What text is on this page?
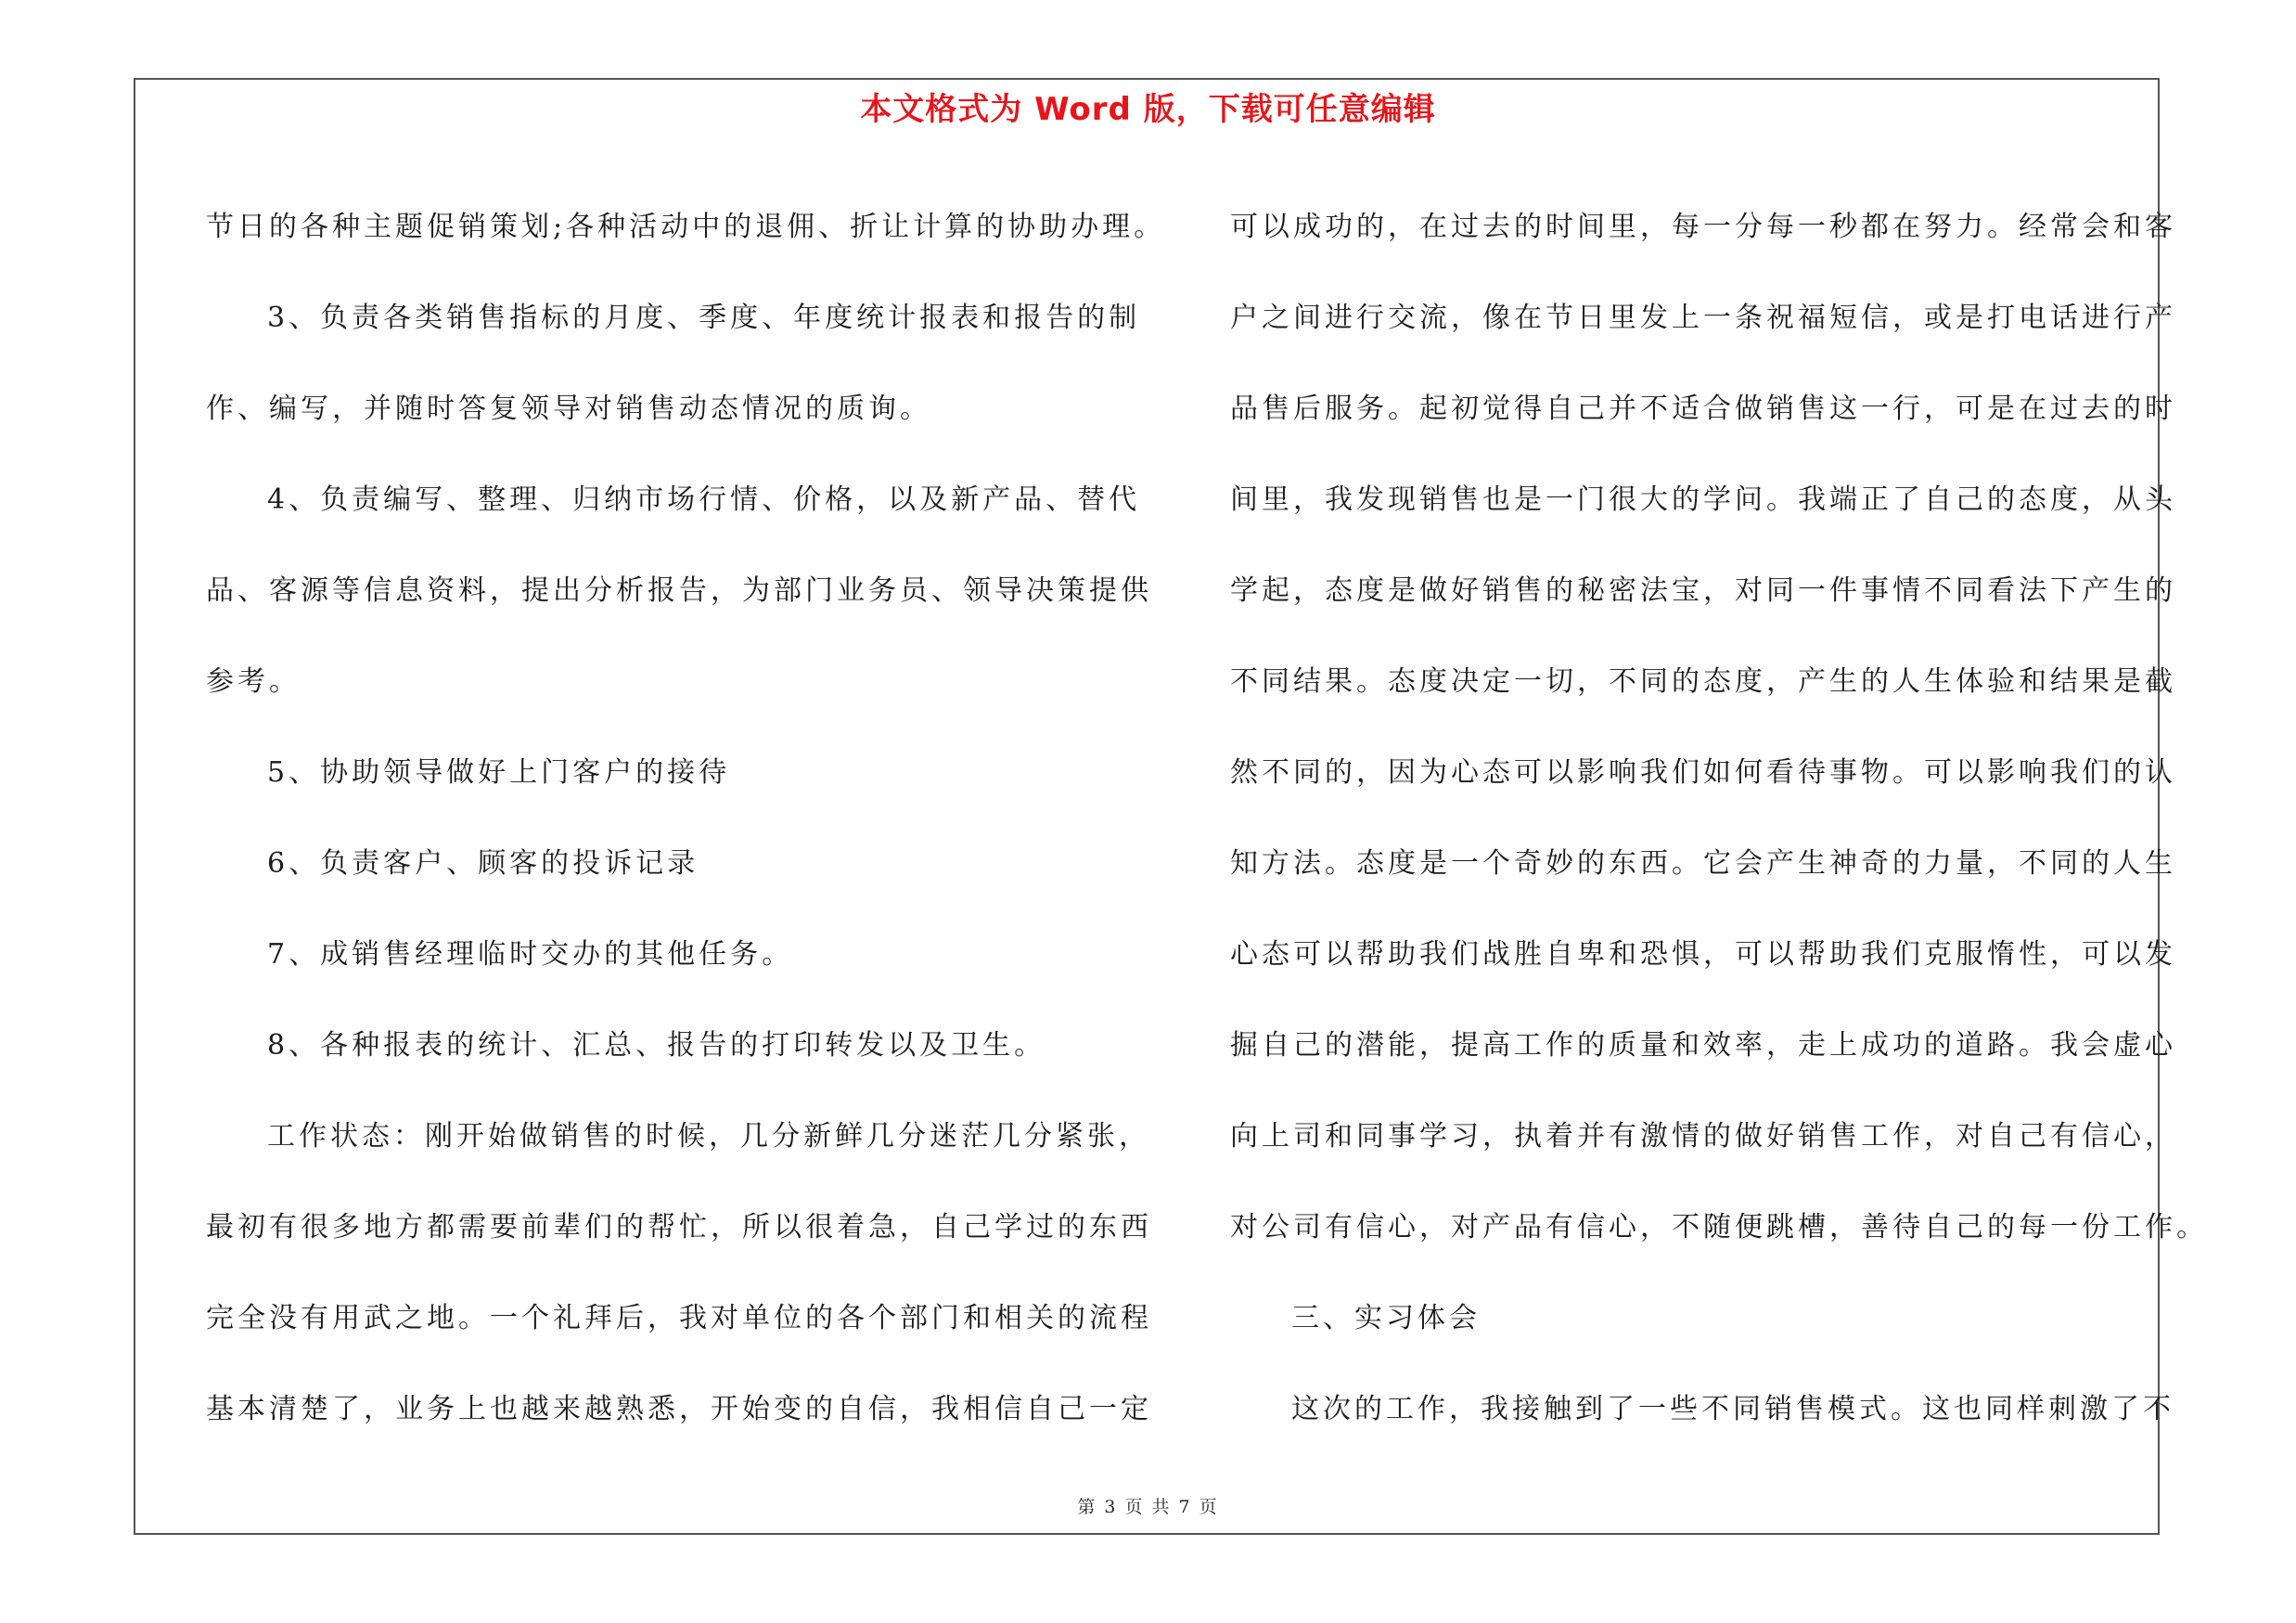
本文格式为 Word 版，下载可任意编辑
节日的各种主题促销策划;各种活动中的退佣、折让计算的协助办理。
3、负责各类销售指标的月度、季度、年度统计报表和报告的制
作、编写，并随时答复领导对销售动态情况的质询。
4、负责编写、整理、归纳市场行情、价格，以及新产品、替代
品、客源等信息资料，提出分析报告，为部门业务员、领导决策提供
参考。
5、协助领导做好上门客户的接待
6、负责客户、顾客的投诉记录
7、成销售经理临时交办的其他任务。
8、各种报表的统计、汇总、报告的打印转发以及卫生。
工作状态：刚开始做销售的时候，几分新鲜几分迷茫几分紧张，
最初有很多地方都需要前辈们的帮忙，所以很着急，自己学过的东西
完全没有用武之地。一个礼拜后，我对单位的各个部门和相关的流程
基本清楚了，业务上也越来越熟悉，开始变的自信，我相信自己一定
可以成功的，在过去的时间里，每一分每一秒都在努力。经常会和客
户之间进行交流，像在节日里发上一条祝福短信，或是打电话进行产
品售后服务。起初觉得自己并不适合做销售这一行，可是在过去的时
间里，我发现销售也是一门很大的学问。我端正了自己的态度，从头
学起，态度是做好销售的秘密法宝，对同一件事情不同看法下产生的
不同结果。态度决定一切，不同的态度，产生的人生体验和结果是截
然不同的，因为心态可以影响我们如何看待事物。可以影响我们的认
知方法。态度是一个奇妙的东西。它会产生神奇的力量，不同的人生
心态可以帮助我们战胜自卑和恐惧，可以帮助我们克服惰性，可以发
掘自己的潜能，提高工作的质量和效率，走上成功的道路。我会虚心
向上司和同事学习，执着并有激情的做好销售工作，对自己有信心，
对公司有信心，对产品有信心，不随便跳槽，善待自己的每一份工作。
三、实习体会
这次的工作，我接触到了一些不同销售模式。这也同样刺激了不
第 3 页 共 7 页
